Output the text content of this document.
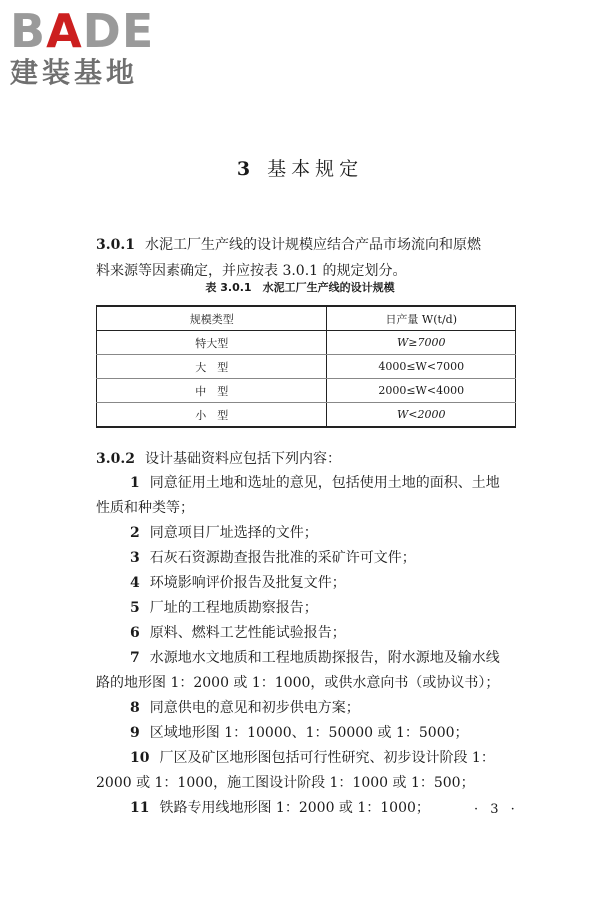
BADE
建装基地
3 基本规定
3.0.1 水泥工厂生产线的设计规模应结合产品市场流向和原燃
料来源等因素确定，并应按表 3.0.1 的规定划分。
表 3.0.1　水泥工厂生产线的设计规模
规模类型	日产量 W(t/d)
特大型	W≥7000
大　型	4000≤W<7000
中　型	2000≤W<4000
小　型	W<2000
3.0.2 设计基础资料应包括下列内容：
1 同意征用土地和选址的意见，包括使用土地的面积、土地
性质和种类等；
2 同意项目厂址选择的文件；
3 石灰石资源勘查报告批准的采矿许可文件；
4 环境影响评价报告及批复文件；
5 厂址的工程地质勘察报告；
6 原料、燃料工艺性能试验报告；
7 水源地水文地质和工程地质勘探报告，附水源地及输水线
路的地形图 1：2000 或 1：1000，或供水意向书（或协议书）；
8 同意供电的意见和初步供电方案；
9 区域地形图 1：10000、1：50000 或 1：5000；
10 厂区及矿区地形图包括可行性研究、初步设计阶段 1：
2000 或 1：1000，施工图设计阶段 1：1000 或 1：500；
11 铁路专用线地形图 1：2000 或 1：1000；	· 3 ·
